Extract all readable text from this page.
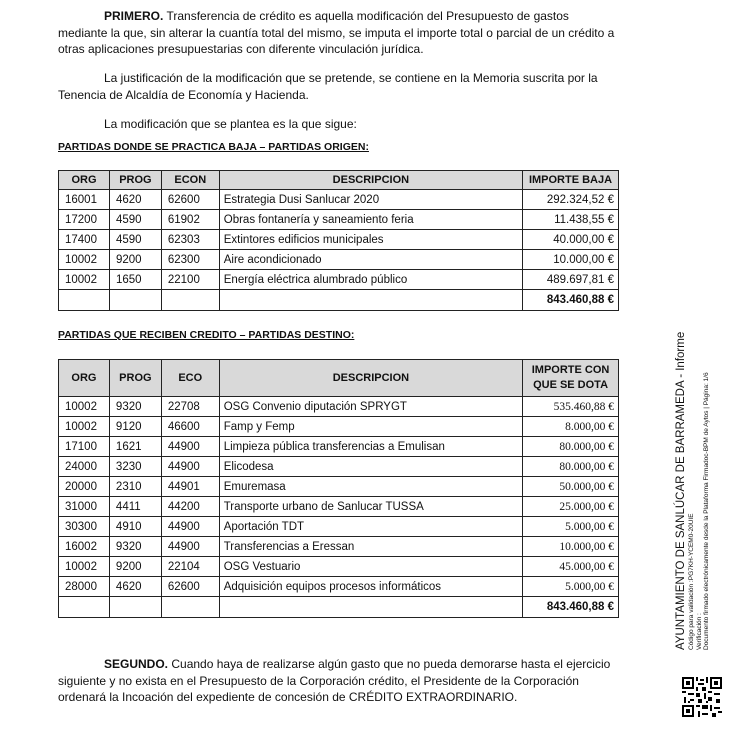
PRIMERO. Transferencia de crédito es aquella modificación del Presupuesto de gastos mediante la que, sin alterar la cuantía total del mismo, se imputa el importe total o parcial de un crédito a otras aplicaciones presupuestarias con diferente vinculación jurídica.

La justificación de la modificación que se pretende, se contiene en la Memoria suscrita por la Tenencia de Alcaldía de Economía y Hacienda.

La modificación que se plantea es la que sigue:

PARTIDAS DONDE SE PRACTICA BAJA – PARTIDAS ORIGEN:
ORG	PROG	ECON	DESCRIPCION	IMPORTE BAJA
16001	4620	62600	Estrategia Dusi Sanlucar 2020	292.324,52 €
17200	4590	61902	Obras fontanería y saneamiento feria	11.438,55 €
17400	4590	62303	Extintores edificios municipales	40.000,00 €
10002	9200	62300	Aire acondicionado	10.000,00 €
10002	1650	22100	Energía eléctrica alumbrado público	489.697,81 €
				843.460,88 €
PARTIDAS QUE RECIBEN CREDITO – PARTIDAS DESTINO:
ORG	PROG	ECO	DESCRIPCION	IMPORTE CON QUE SE DOTA
10002	9320	22708	OSG Convenio diputación SPRYGT	535.460,88 €
10002	9120	46600	Famp y Femp	8.000,00 €
17100	1621	44900	Limpieza pública transferencias a Emulisan	80.000,00 €
24000	3230	44900	Elicodesa	80.000,00 €
20000	2310	44901	Emuremasa	50.000,00 €
31000	4411	44200	Transporte urbano de Sanlucar TUSSA	25.000,00 €
30300	4910	44900	Aportación TDT	5.000,00 €
16002	9320	44900	Transferencias a Eressan	10.000,00 €
10002	9200	22104	OSG Vestuario	45.000,00 €
28000	4620	62600	Adquisición equipos procesos informáticos	5.000,00 €
				843.460,88 €

SEGUNDO. Cuando haya de realizarse algún gasto que no pueda demorarse hasta el ejercicio siguiente y no exista en el Presupuesto de la Corporación crédito, el Presidente de la Corporación ordenará la Incoación del expediente de concesión de CRÉDITO EXTRAORDINARIO.

AYUNTAMIENTO DE SANLÚCAR DE BARRAMEDA - Informe Código para validación :PG7KH-YCEM0-20UIE Verificación : Documento firmado electrónicamente desde la Plataforma Firmadoc-BPM de Aytos | Página: 1/6
